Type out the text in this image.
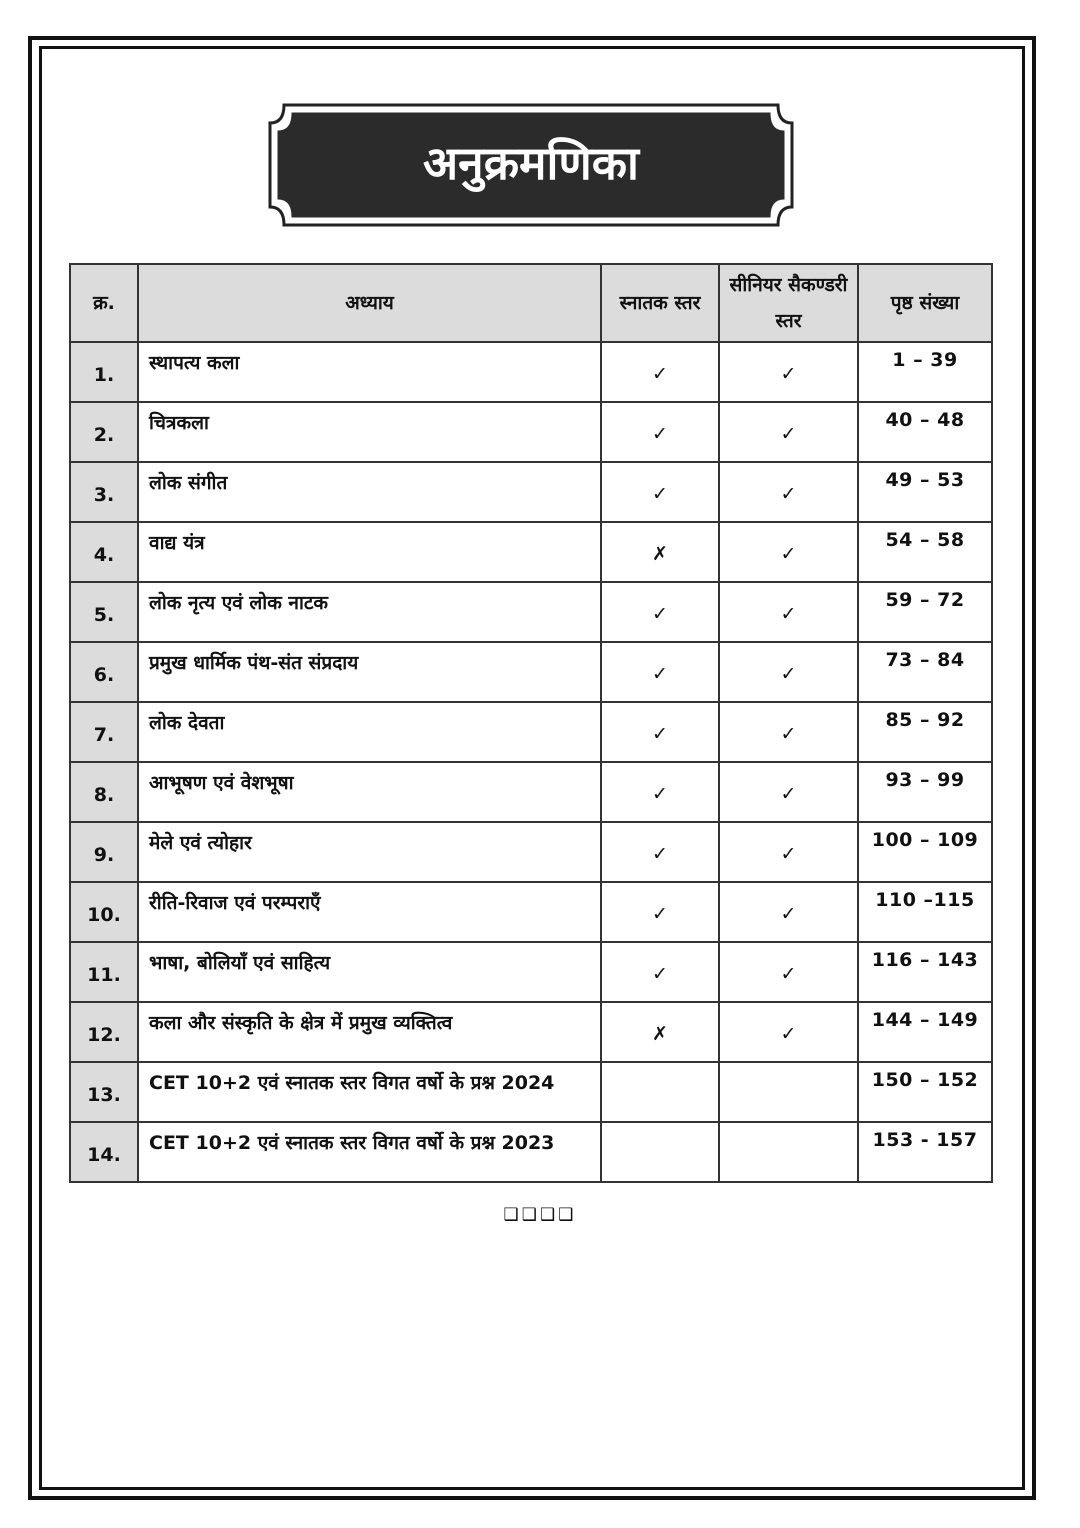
अनुक्रमणिका
क्र.	अध्याय	स्नातक स्तर	सीनियर सैकण्डरी स्तर	पृष्ठ संख्या
1.	स्थापत्य कला	✓	✓	1 – 39
2.	चित्रकला	✓	✓	40 – 48
3.	लोक संगीत	✓	✓	49 – 53
4.	वाद्य यंत्र	✗	✓	54 – 58
5.	लोक नृत्य एवं लोक नाटक	✓	✓	59 – 72
6.	प्रमुख धार्मिक पंथ-संत संप्रदाय	✓	✓	73 – 84
7.	लोक देवता	✓	✓	85 – 92
8.	आभूषण एवं वेशभूषा	✓	✓	93 – 99
9.	मेले एवं त्योहार	✓	✓	100 – 109
10.	रीति-रिवाज एवं परम्पराएँ	✓	✓	110 –115
11.	भाषा, बोलियाँ एवं साहित्य	✓	✓	116 – 143
12.	कला और संस्कृति के क्षेत्र में प्रमुख व्यक्तित्व	✗	✓	144 – 149
13.	CET 10+2 एवं स्नातक स्तर विगत वर्षो के प्रश्न 2024			150 – 152
14.	CET 10+2 एवं स्नातक स्तर विगत वर्षो के प्रश्न 2023			153 - 157
❑❑❑❑
